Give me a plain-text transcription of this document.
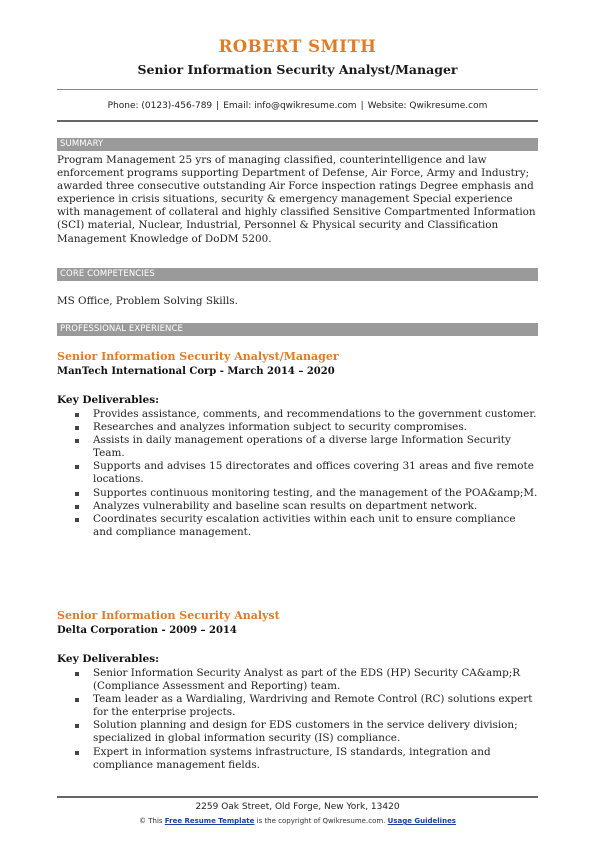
ROBERT SMITH
Senior Information Security Analyst/Manager
Phone: (0123)-456-789 | Email: info@qwikresume.com | Website: Qwikresume.com
SUMMARY
Program Management 25 yrs of managing classified, counterintelligence and law enforcement programs supporting Department of Defense, Air Force, Army and Industry; awarded three consecutive outstanding Air Force inspection ratings Degree emphasis and experience in crisis situations, security & emergency management Special experience with management of collateral and highly classified Sensitive Compartmented Information (SCI) material, Nuclear, Industrial, Personnel & Physical security and Classification Management Knowledge of DoDM 5200.
CORE COMPETENCIES
MS Office, Problem Solving Skills.
PROFESSIONAL EXPERIENCE
Senior Information Security Analyst/Manager
ManTech International Corp - March 2014 – 2020
Key Deliverables:
Provides assistance, comments, and recommendations to the government customer.
Researches and analyzes information subject to security compromises.
Assists in daily management operations of a diverse large Information Security Team.
Supports and advises 15 directorates and offices covering 31 areas and five remote locations.
Supportes continuous monitoring testing, and the management of the POA&amp;M.
Analyzes vulnerability and baseline scan results on department network.
Coordinates security escalation activities within each unit to ensure compliance and compliance management.
Senior Information Security Analyst
Delta Corporation - 2009 – 2014
Key Deliverables:
Senior Information Security Analyst as part of the EDS (HP) Security CA&amp;R (Compliance Assessment and Reporting) team.
Team leader as a Wardialing, Wardriving and Remote Control (RC) solutions expert for the enterprise projects.
Solution planning and design for EDS customers in the service delivery division; specialized in global information security (IS) compliance.
Expert in information systems infrastructure, IS standards, integration and compliance management fields.
2259 Oak Street, Old Forge, New York, 13420
© This Free Resume Template is the copyright of Qwikresume.com. Usage Guidelines
